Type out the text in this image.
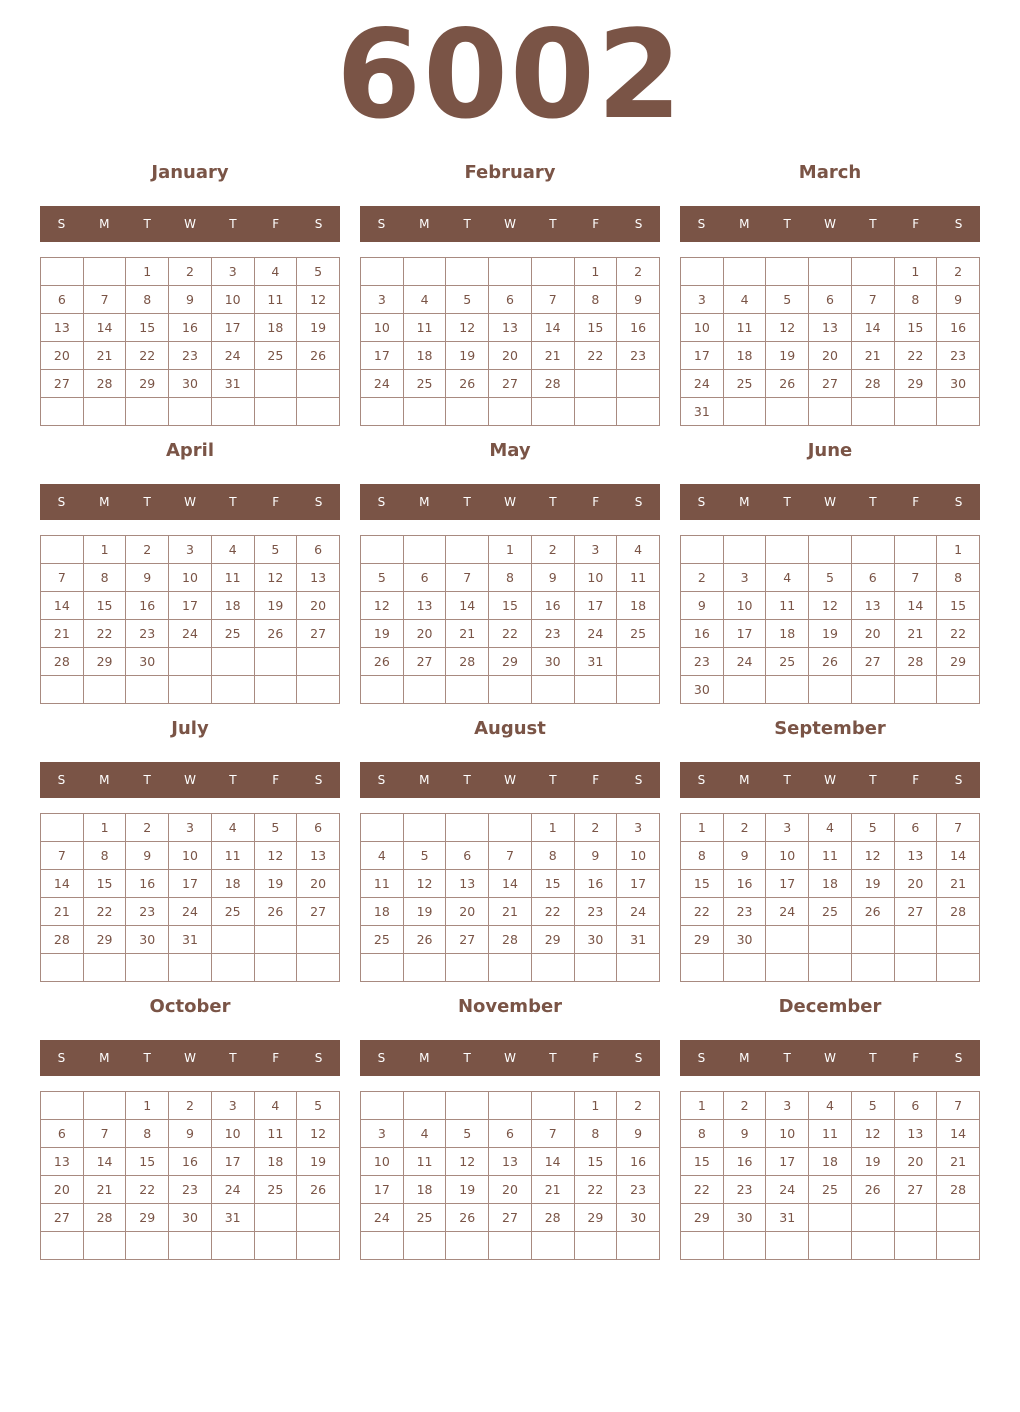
6002
January
S	M	T	W	T	F	S
		1	2	3	4	5
6	7	8	9	10	11	12
13	14	15	16	17	18	19
20	21	22	23	24	25	26
27	28	29	30	31		

February
S	M	T	W	T	F	S
					1	2
3	4	5	6	7	8	9
10	11	12	13	14	15	16
17	18	19	20	21	22	23
24	25	26	27	28		

March
S	M	T	W	T	F	S
					1	2
3	4	5	6	7	8	9
10	11	12	13	14	15	16
17	18	19	20	21	22	23
24	25	26	27	28	29	30
31						
April
S	M	T	W	T	F	S
	1	2	3	4	5	6
7	8	9	10	11	12	13
14	15	16	17	18	19	20
21	22	23	24	25	26	27
28	29	30				

May
S	M	T	W	T	F	S
			1	2	3	4
5	6	7	8	9	10	11
12	13	14	15	16	17	18
19	20	21	22	23	24	25
26	27	28	29	30	31	

June
S	M	T	W	T	F	S
						1
2	3	4	5	6	7	8
9	10	11	12	13	14	15
16	17	18	19	20	21	22
23	24	25	26	27	28	29
30						
July
S	M	T	W	T	F	S
	1	2	3	4	5	6
7	8	9	10	11	12	13
14	15	16	17	18	19	20
21	22	23	24	25	26	27
28	29	30	31			

August
S	M	T	W	T	F	S
				1	2	3
4	5	6	7	8	9	10
11	12	13	14	15	16	17
18	19	20	21	22	23	24
25	26	27	28	29	30	31

September
S	M	T	W	T	F	S
1	2	3	4	5	6	7
8	9	10	11	12	13	14
15	16	17	18	19	20	21
22	23	24	25	26	27	28
29	30					

October
S	M	T	W	T	F	S
		1	2	3	4	5
6	7	8	9	10	11	12
13	14	15	16	17	18	19
20	21	22	23	24	25	26
27	28	29	30	31		

November
S	M	T	W	T	F	S
					1	2
3	4	5	6	7	8	9
10	11	12	13	14	15	16
17	18	19	20	21	22	23
24	25	26	27	28	29	30

December
S	M	T	W	T	F	S
1	2	3	4	5	6	7
8	9	10	11	12	13	14
15	16	17	18	19	20	21
22	23	24	25	26	27	28
29	30	31				
